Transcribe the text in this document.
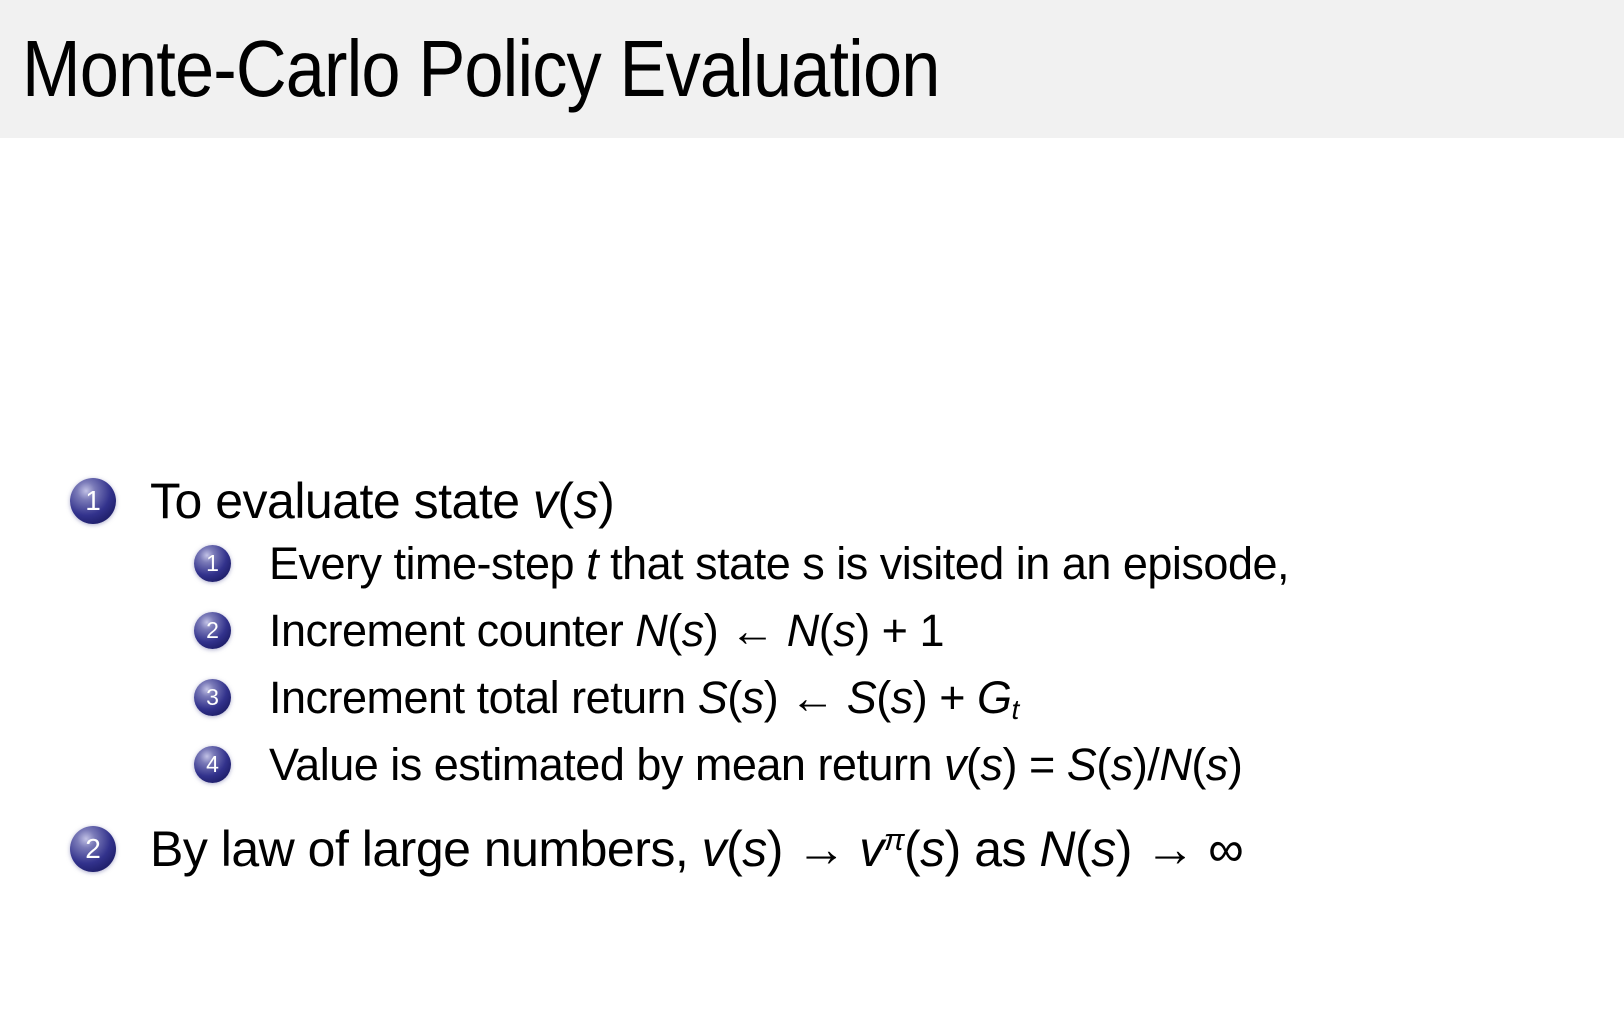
Monte-Carlo Policy Evaluation
1 To evaluate state v(s)
1 Every time-step t that state s is visited in an episode,
2 Increment counter N(s) ← N(s) + 1
3 Increment total return S(s) ← S(s) + Gt
4 Value is estimated by mean return v(s) = S(s)/N(s)
2 By law of large numbers, $v(s) \to v^\pi(s)$ as N(s) → ∞
